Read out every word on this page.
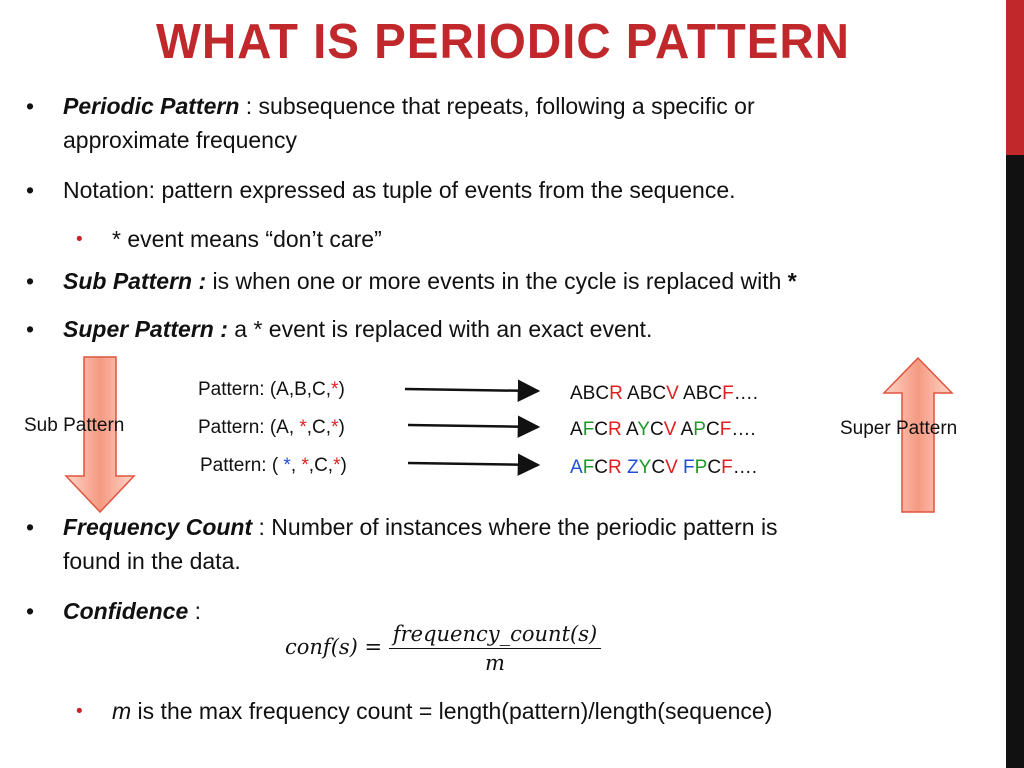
WHAT IS PERIODIC PATTERN
• Periodic Pattern : subsequence that repeats, following a specific or
approximate frequency
• Notation: pattern expressed as tuple of events from the sequence.
• * event means “don’t care”
• Sub Pattern : is when one or more events in the cycle is replaced with *
• Super Pattern : a * event is replaced with an exact event.
Sub Pattern	Super Pattern
Pattern: (A,B,C,*)
Pattern: (A, *,C,*)
Pattern: ( *, *,C,*)
ABCR ABCV ABCF….
AFCR AYCV APCF….
AFCR ZYCV FPCF….
• Frequency Count : Number of instances where the periodic pattern is
found in the data.
• Confidence :
conf(s) = $\frac{\text{frequency\_count(s)}}{m}$
• m is the max frequency count = length(pattern)/length(sequence)
